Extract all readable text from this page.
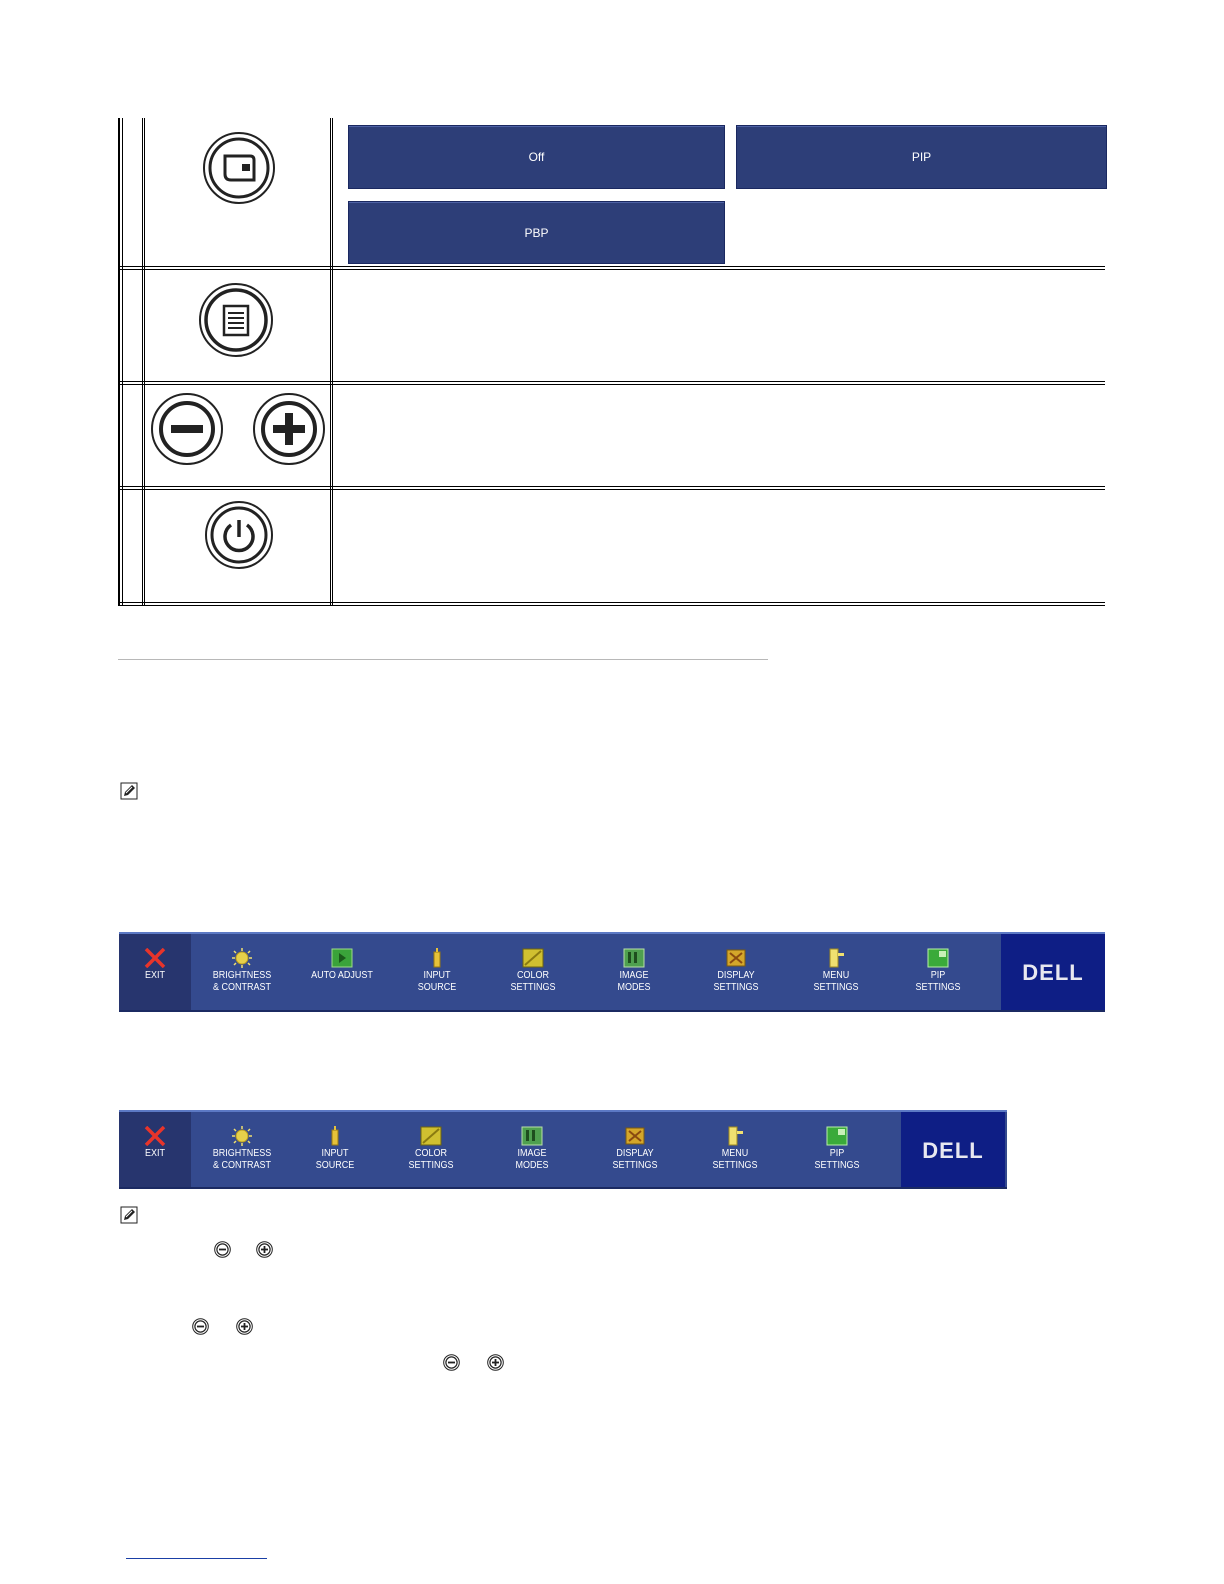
Off	PIP
PBP
EXIT	BRIGHTNESS
& CONTRAST
AUTO ADJUST	INPUT
SOURCE
COLOR
SETTINGS
IMAGE
MODES
DISPLAY
SETTINGS
MENU
SETTINGS
PIP
SETTINGS
DELL
EXIT	BRIGHTNESS
& CONTRAST
INPUT
SOURCE
COLOR
SETTINGS
IMAGE
MODES
DISPLAY
SETTINGS
MENU
SETTINGS
PIP
SETTINGS
DELL
